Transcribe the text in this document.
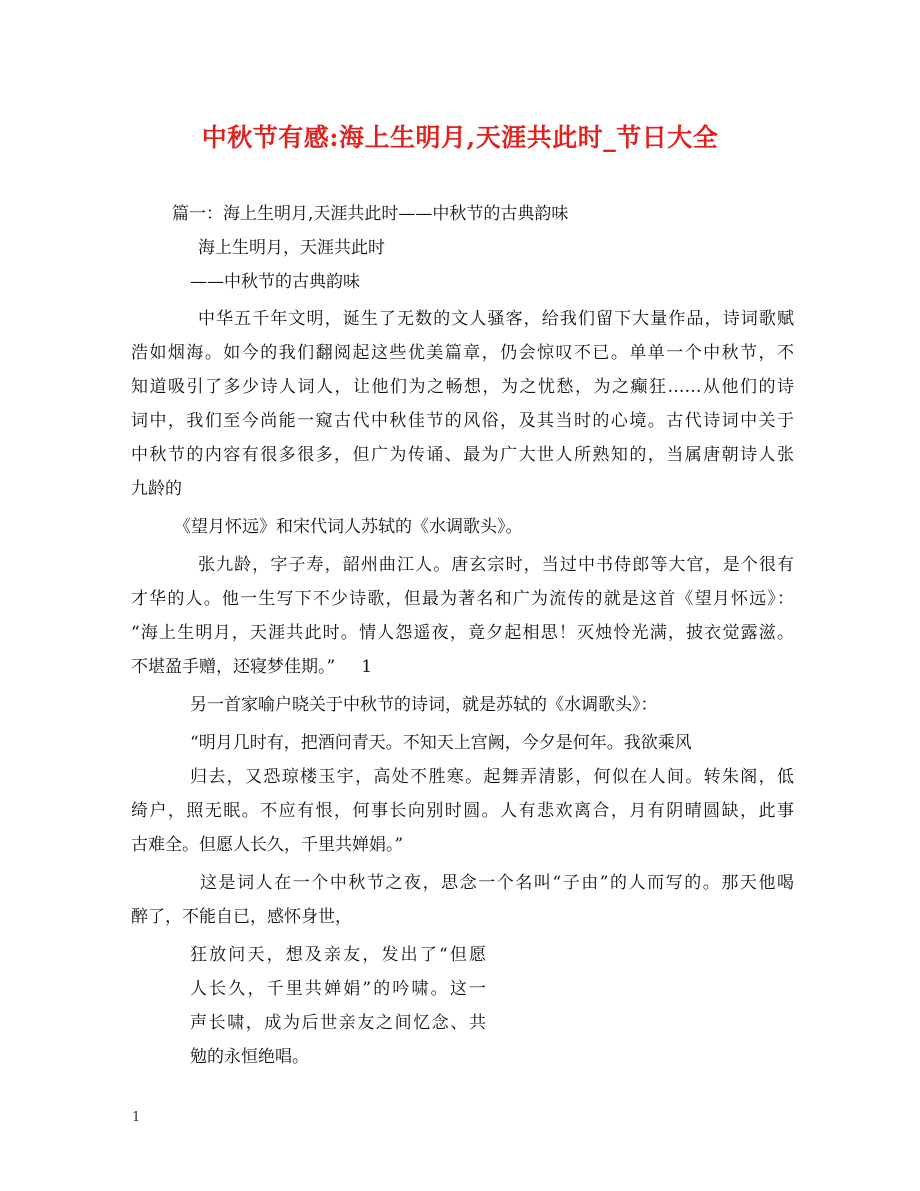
中秋节有感:海上生明月,天涯共此时_节日大全

篇一：海上生明月,天涯共此时——中秋节的古典韵味

海上生明月，天涯共此时

——中秋节的古典韵味

中华五千年文明，诞生了无数的文人骚客，给我们留下大量作品，诗词歌赋

浩如烟海。如今的我们翻阅起这些优美篇章，仍会惊叹不已。单单一个中秋节，不

知道吸引了多少诗人词人，让他们为之畅想，为之忧愁，为之癫狂……从他们的诗

词中，我们至今尚能一窥古代中秋佳节的风俗，及其当时的心境。古代诗词中关于

中秋节的内容有很多很多，但广为传诵、最为广大世人所熟知的，当属唐朝诗人张

九龄的

《望月怀远》和宋代词人苏轼的《水调歌头》。

张九龄，字子寿，韶州曲江人。唐玄宗时，当过中书侍郎等大官，是个很有

才华的人。他一生写下不少诗歌，但最为著名和广为流传的就是这首《望月怀远》：

“海上生明月，天涯共此时。情人怨遥夜，竟夕起相思！灭烛怜光满，披衣觉露滋。

不堪盈手赠，还寝梦佳期。” 1

另一首家喻户晓关于中秋节的诗词，就是苏轼的《水调歌头》：

“明月几时有，把酒问青天。不知天上宫阙，今夕是何年。我欲乘风

归去，又恐琼楼玉宇，高处不胜寒。起舞弄清影，何似在人间。转朱阁，低

绮户，照无眠。不应有恨，何事长向别时圆。人有悲欢离合，月有阴晴圆缺，此事

古难全。但愿人长久，千里共婵娟。”

这是词人在一个中秋节之夜，思念一个名叫“子由”的人而写的。那天他喝

醉了，不能自已，感怀身世，

狂放问天，想及亲友，发出了“但愿

人长久，千里共婵娟”的吟啸。这一

声长啸，成为后世亲友之间忆念、共

勉的永恒绝唱。

1
